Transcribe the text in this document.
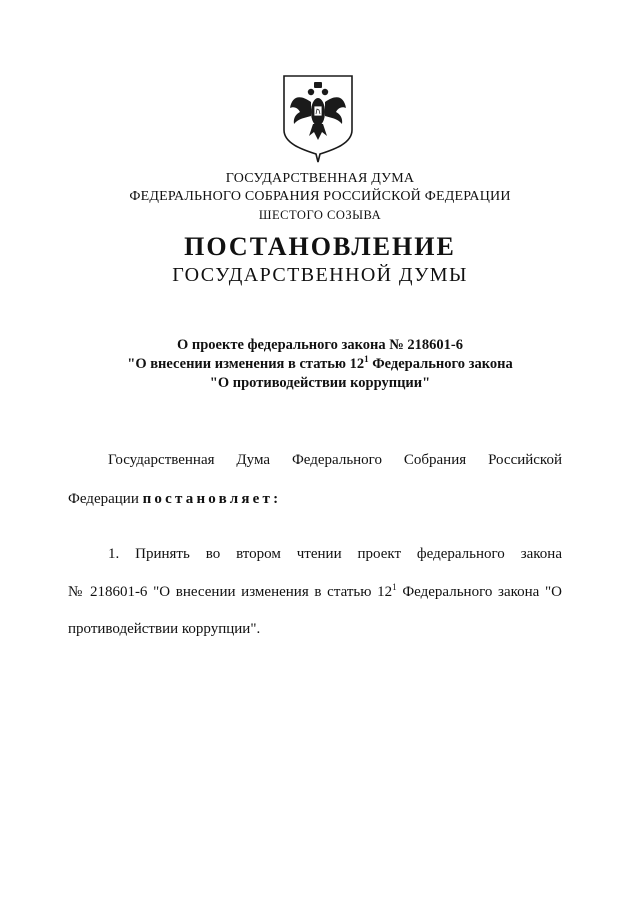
ГОСУДАРСТВЕННАЯ ДУМА
ФЕДЕРАЛЬНОГО СОБРАНИЯ РОССИЙСКОЙ ФЕДЕРАЦИИ
ШЕСТОГО СОЗЫВА
ПОСТАНОВЛЕНИЕ
ГОСУДАРСТВЕННОЙ ДУМЫ
О проекте федерального закона № 218601-6
"О внесении изменения в статью $12^1$ Федерального закона
"О противодействии коррупции"
Государственная Дума Федерального Собрания Российской
Федерации постановляет:
1. Принять во втором чтении проект федерального закона
№ 218601-6 "О внесении изменения в статью $12^1$ Федерального закона "О
противодействии коррупции".
